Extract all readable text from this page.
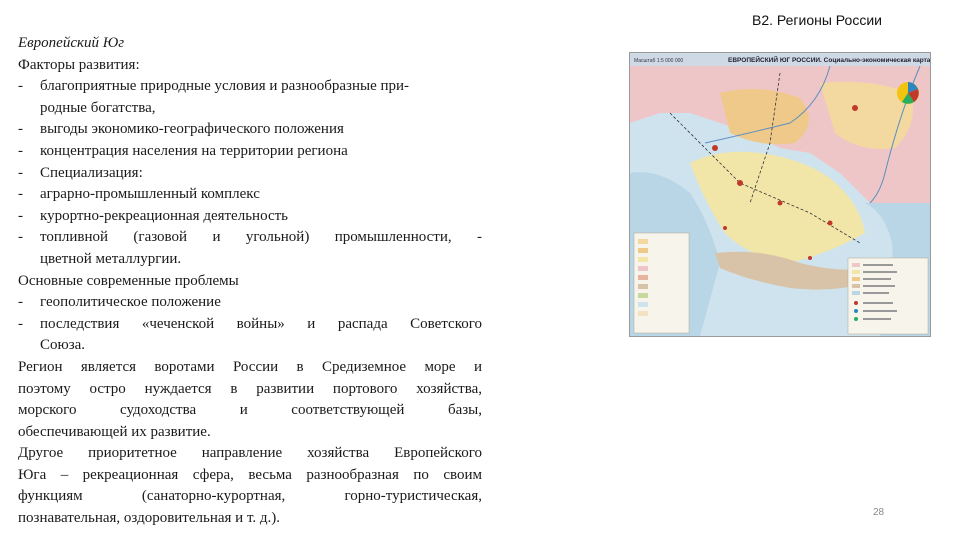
В2. Регионы России
Европейский Юг
Факторы развития:
-	благоприятные природные условия и разнообразные при-
родные богатства,
-	выгоды экономико-географического положения
-	концентрация населения на территории региона
-	Специализация:
-	аграрно-промышленный комплекс
-	курортно-рекреационная деятельность
-	топливной (газовой и угольной) промышленности, -
цветной металлургии.
Основные современные проблемы
-	геополитическое положение
-	последствия «чеченской войны» и распада Советского
Союза.
Регион является воротами России в Средиземное море и
поэтому остро нуждается в развитии портового хозяйства,
морского судоходства и соответствующей базы,
обеспечивающей их развитие.
Другое приоритетное направление хозяйства Европейского
Юга – рекреационная сфера, весьма разнообразная по своим
функциям (санаторно-курортная, горно-туристическая,
познавательная, оздоровительная и т. д.).
Масштаб 1:5 000 000	ЕВРОПЕЙСКИЙ ЮГ РОССИИ. Социально-экономическая карта
28
